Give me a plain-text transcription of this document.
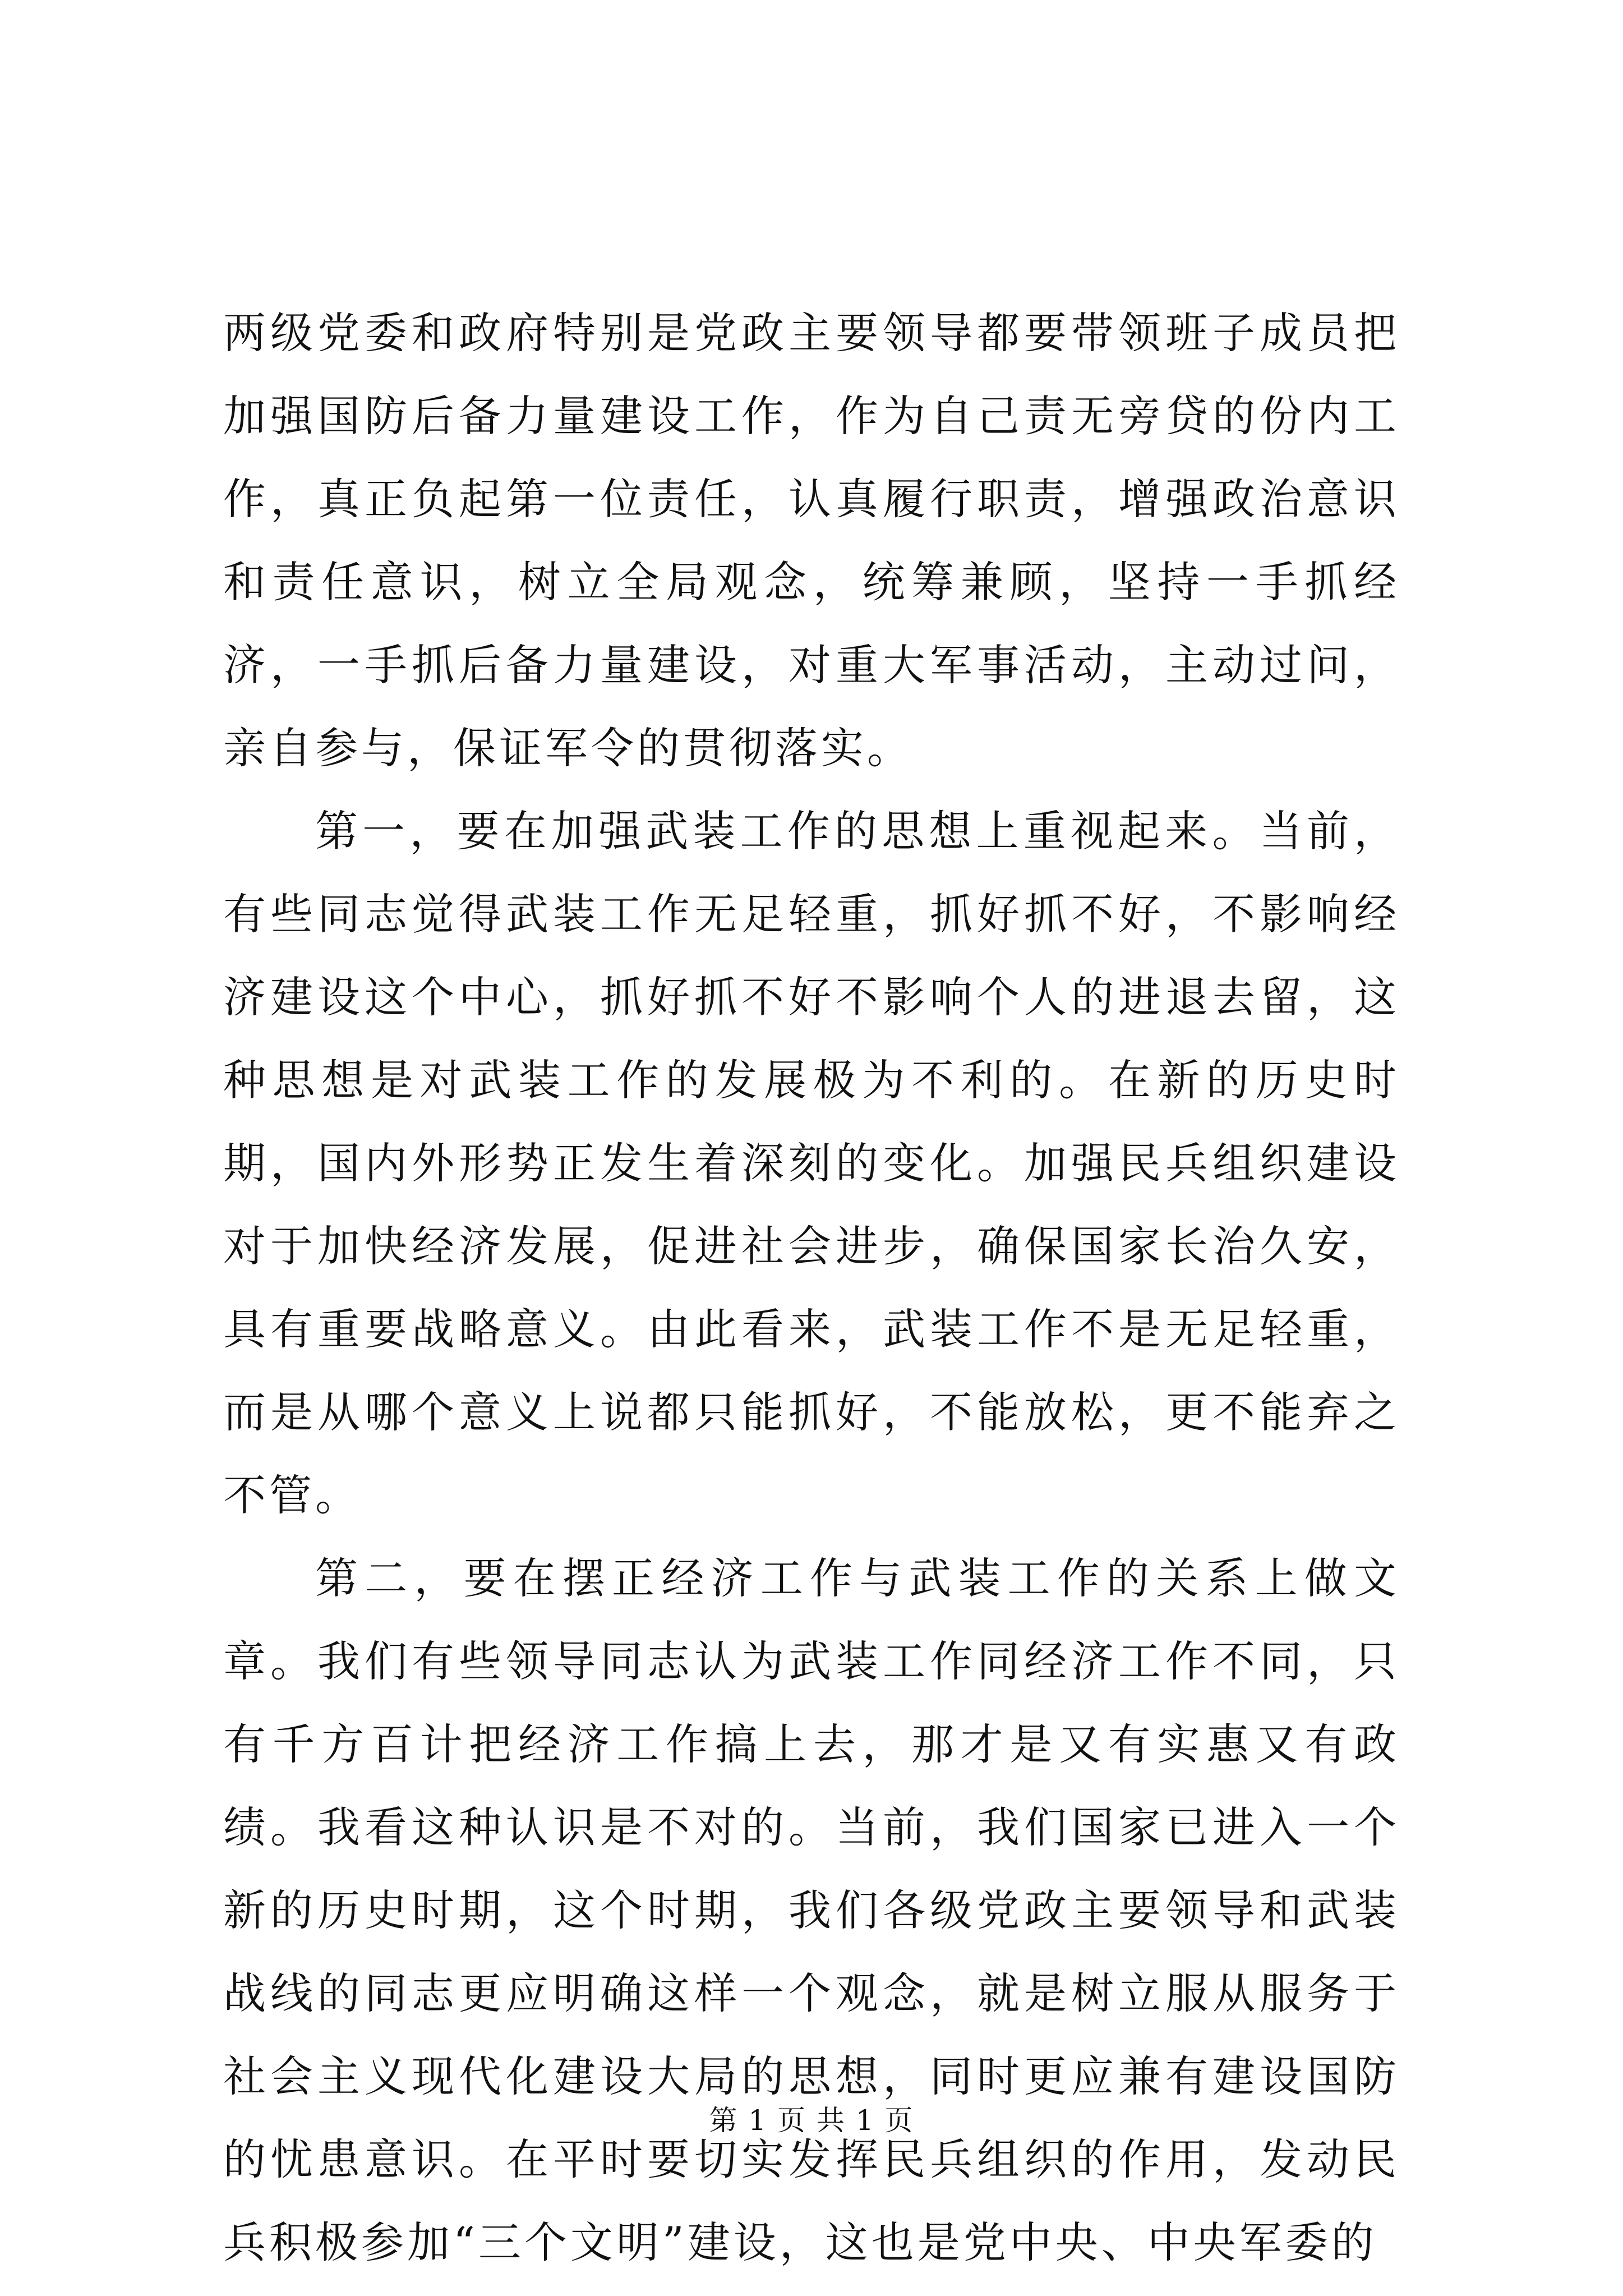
两级党委和政府特别是党政主要领导都要带领班子成员把加强国防后备力量建设工作，作为自己责无旁贷的份内工作，真正负起第一位责任，认真履行职责，增强政治意识和责任意识，树立全局观念，统筹兼顾，坚持一手抓经济，一手抓后备力量建设，对重大军事活动，主动过问，亲自参与，保证军令的贯彻落实。

第一，要在加强武装工作的思想上重视起来。当前，有些同志觉得武装工作无足轻重，抓好抓不好，不影响经济建设这个中心，抓好抓不好不影响个人的进退去留，这种思想是对武装工作的发展极为不利的。在新的历史时期，国内外形势正发生着深刻的变化。加强民兵组织建设对于加快经济发展，促进社会进步，确保国家长治久安，具有重要战略意义。由此看来，武装工作不是无足轻重，而是从哪个意义上说都只能抓好，不能放松，更不能弃之不管。

第二，要在摆正经济工作与武装工作的关系上做文章。我们有些领导同志认为武装工作同经济工作不同，只有千方百计把经济工作搞上去，那才是又有实惠又有政绩。我看这种认识是不对的。当前，我们国家已进入一个新的历史时期，这个时期，我们各级党政主要领导和武装战线的同志更应明确这样一个观念，就是树立服从服务于社会主义现代化建设大局的思想，同时更应兼有建设国防的忧患意识。在平时要切实发挥民兵组织的作用，发动民兵积极参加“三个文明”建设，这也是党中央、中央军委的

第 1 页 共 1 页
